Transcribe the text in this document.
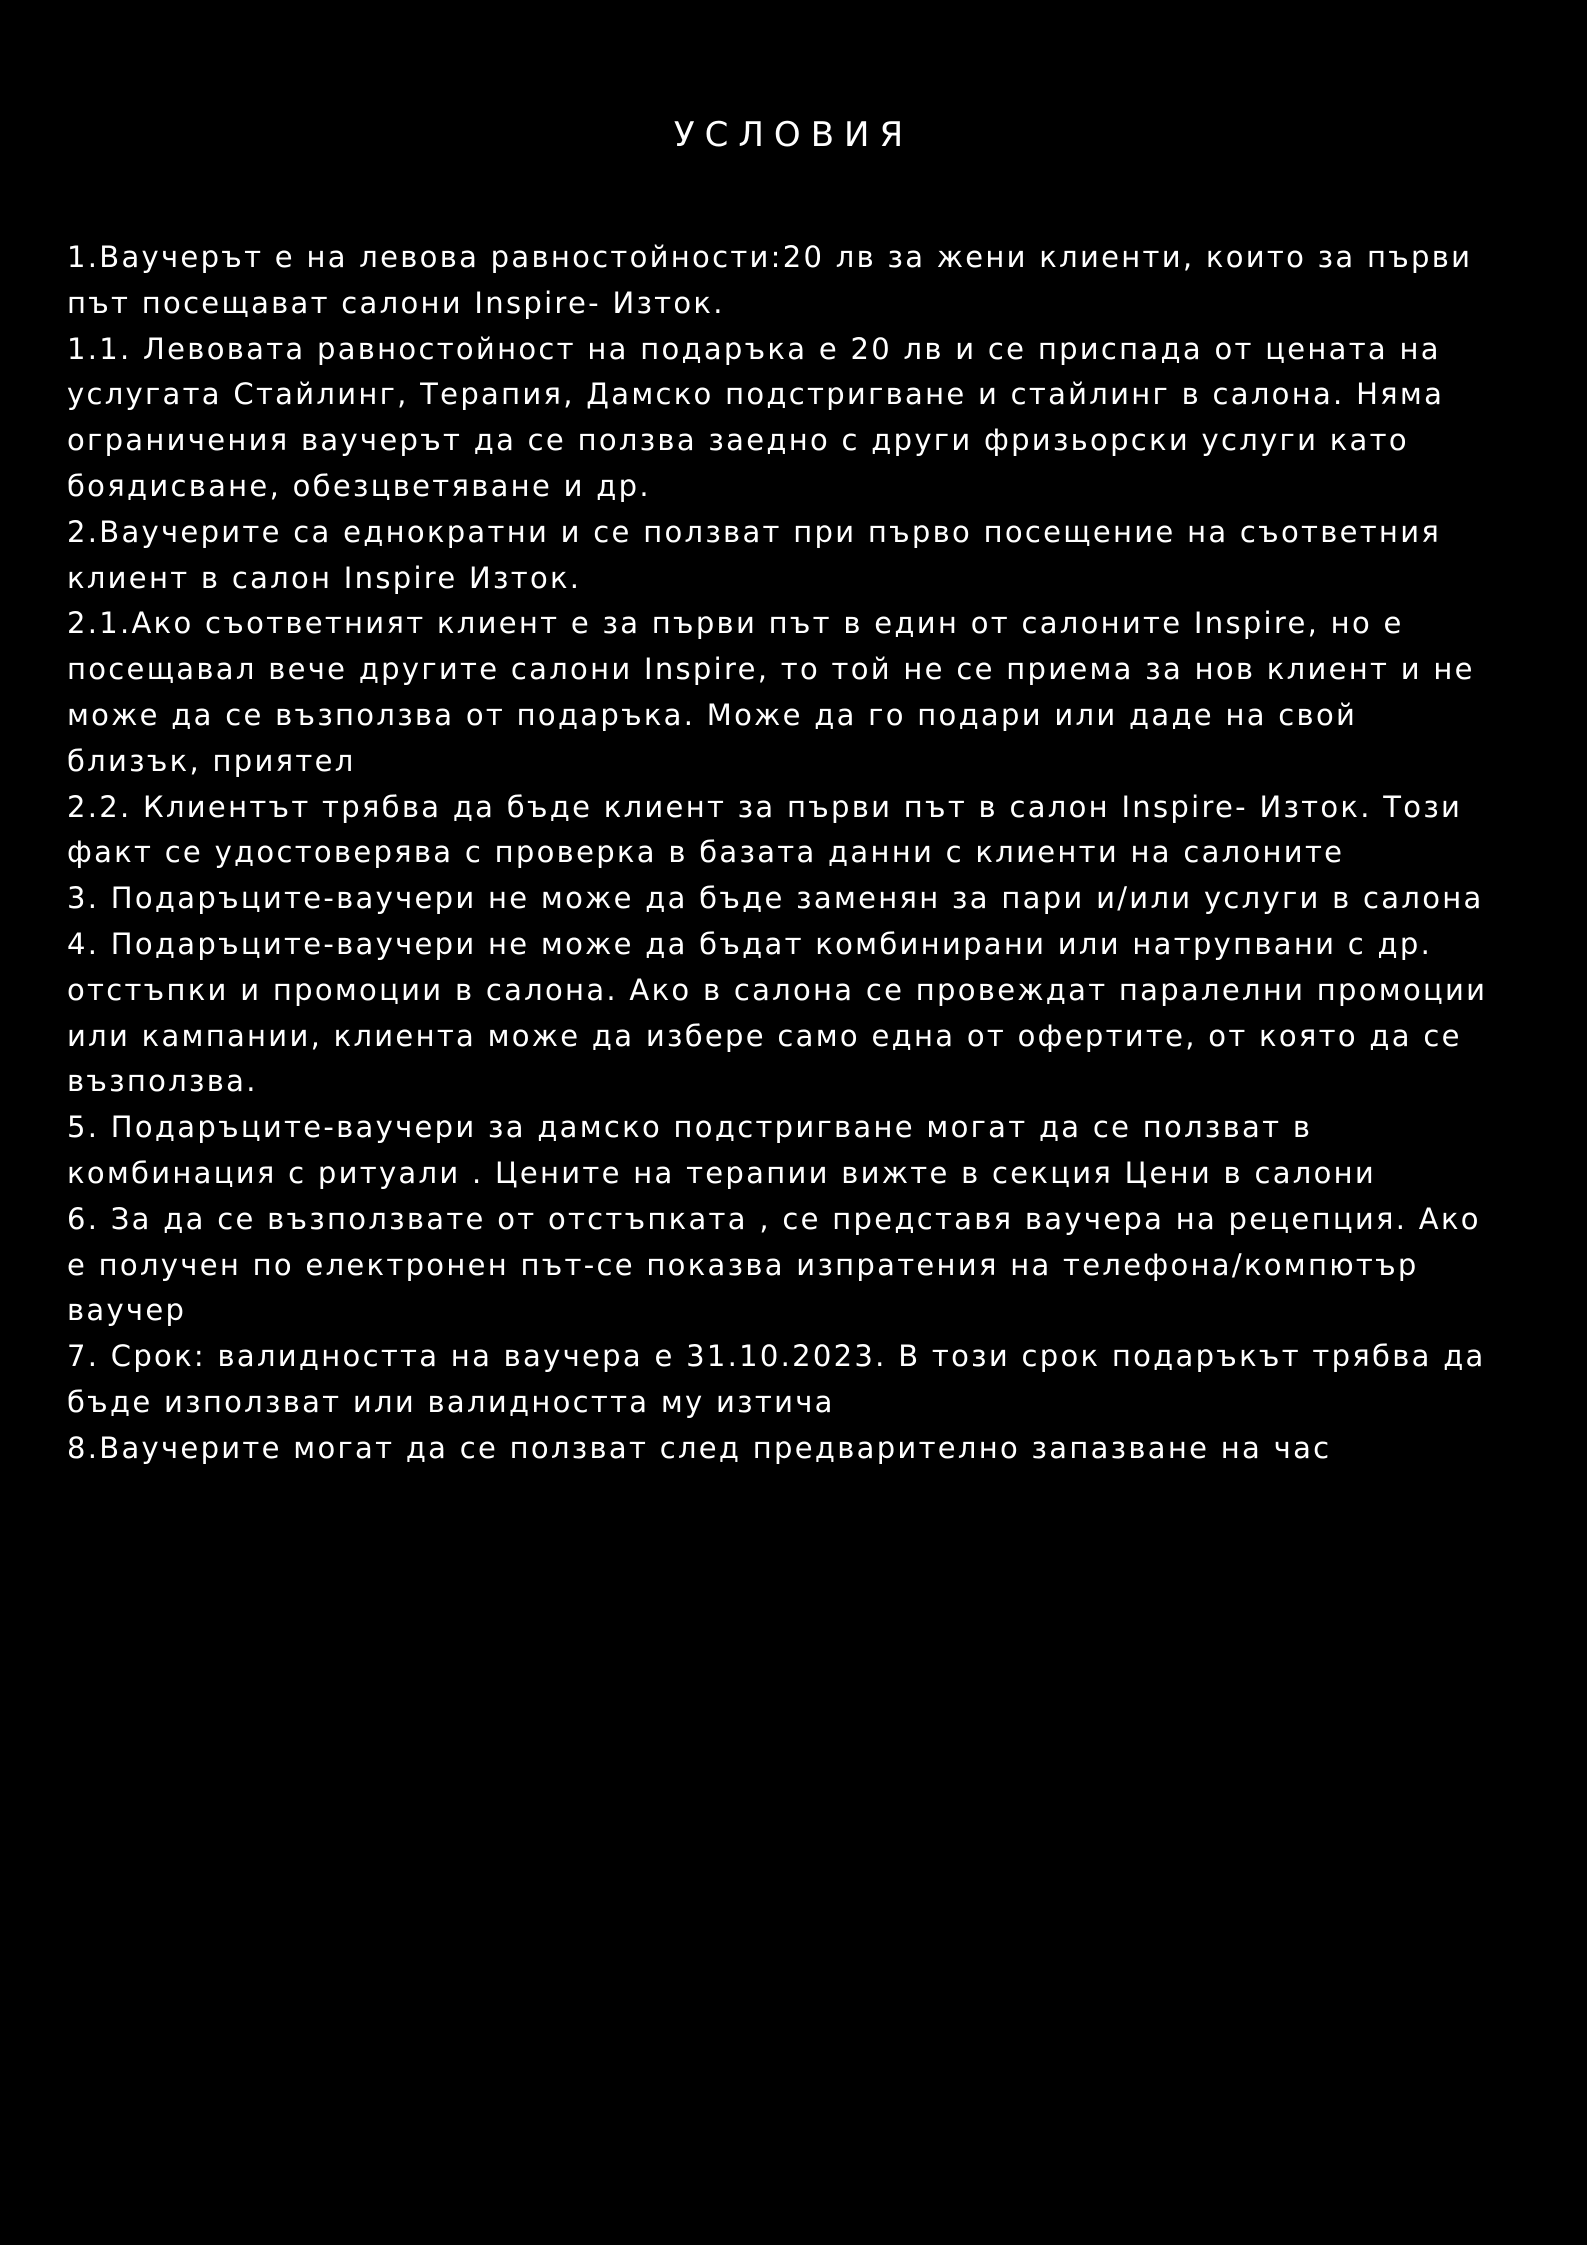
УСЛОВИЯ
1.Ваучерът е на левова равностойности:20 лв за жени клиенти, които за първи
път посещават салони Inspire- Изток.
1.1. Левовата равностойност на подаръка е 20 лв и се приспада от цената на
услугата Стайлинг, Терапия, Дамско подстригване и стайлинг в салона. Няма
ограничения ваучерът да се ползва заедно с други фризьорски услуги като
боядисване, обезцветяване и др.
2.Ваучерите са еднократни и се ползват при първо посещение на съответния
клиент в салон Inspire Изток.
2.1.Ако съответният клиент е за първи път в един от салоните Inspire, но е
посещавал вече другите салони Inspire, то той не се приема за нов клиент и не
може да се възползва от подаръка. Може да го подари или даде на свой
близък, приятел
2.2. Клиентът трябва да бъде клиент за първи път в салон Inspire- Изток. Този
факт се удостоверява с проверка в базата данни с клиенти на салоните
3. Подаръците-ваучери не може да бъде заменян за пари и/или услуги в салона
4. Подаръците-ваучери не може да бъдат комбинирани или натрупвани с др.
отстъпки и промоции в салона. Ако в салона се провеждат паралелни промоции
или кампании, клиента може да избере само една от офертите, от която да се
възползва.
5. Подаръците-ваучери за дамско подстригване могат да се ползват в
комбинация с ритуали . Цените на терапии вижте в секция Цени в салони
6. За да се възползвате от отстъпката , се представя ваучера на рецепция. Ако
е получен по електронен път-се показва изпратения на телефона/компютър
ваучер
7. Срок: валидността на ваучера е 31.10.2023. В този срок подаръкът трябва да
бъде използват или валидността му изтича
8.Ваучерите могат да се ползват след предварително запазване на час
